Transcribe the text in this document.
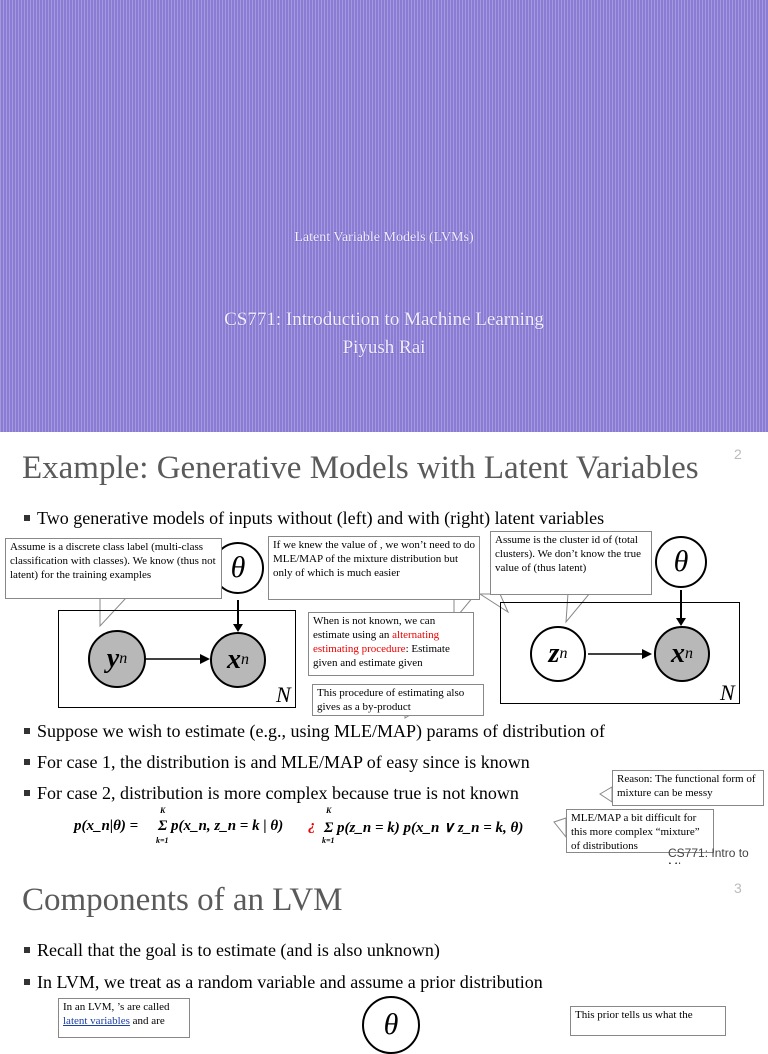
Latent Variable Models (LVMs)
CS771: Introduction to Machine Learning
Piyush Rai
Example: Generative Models with Latent Variables	2
Two generative models of inputs without (left) and with (right) latent variables
N
θ
y n	x n
N
θ
z n	x n
Assume is a discrete class label (multi-class classification with classes). We know (thus not latent) for the training examples
If we knew the value of , we won’t need to do MLE/MAP of the mixture distribution but only of which is much easier
Assume is the cluster id of (total clusters). We don’t know the true value of (thus latent)
When is not known, we can estimate using an alternating estimating procedure: Estimate given and estimate given
This procedure of estimating also gives as a by-product
Suppose we wish to estimate (e.g., using MLE/MAP) params of distribution of
For case 1, the distribution is and MLE/MAP of easy since is known
For case 2, distribution is more complex because true is not known
Reason: The functional form of mixture can be messy
MLE/MAP a bit difficult for this more complex “mixture” of distributions
p(x_n|θ) =
K
k=1
Σ p(x_n, z_n = k | θ) ¿
K
k=1
Σ p(z_n = k) p(x_n ∨ z_n = k, θ)
CS771: Intro to
Components of an LVM	3
Recall that the goal is to estimate (and is also unknown)
In LVM, we treat as a random variable and assume a prior distribution
In an LVM, ’s are called
latent variables and are	θ	This prior tells us what the
